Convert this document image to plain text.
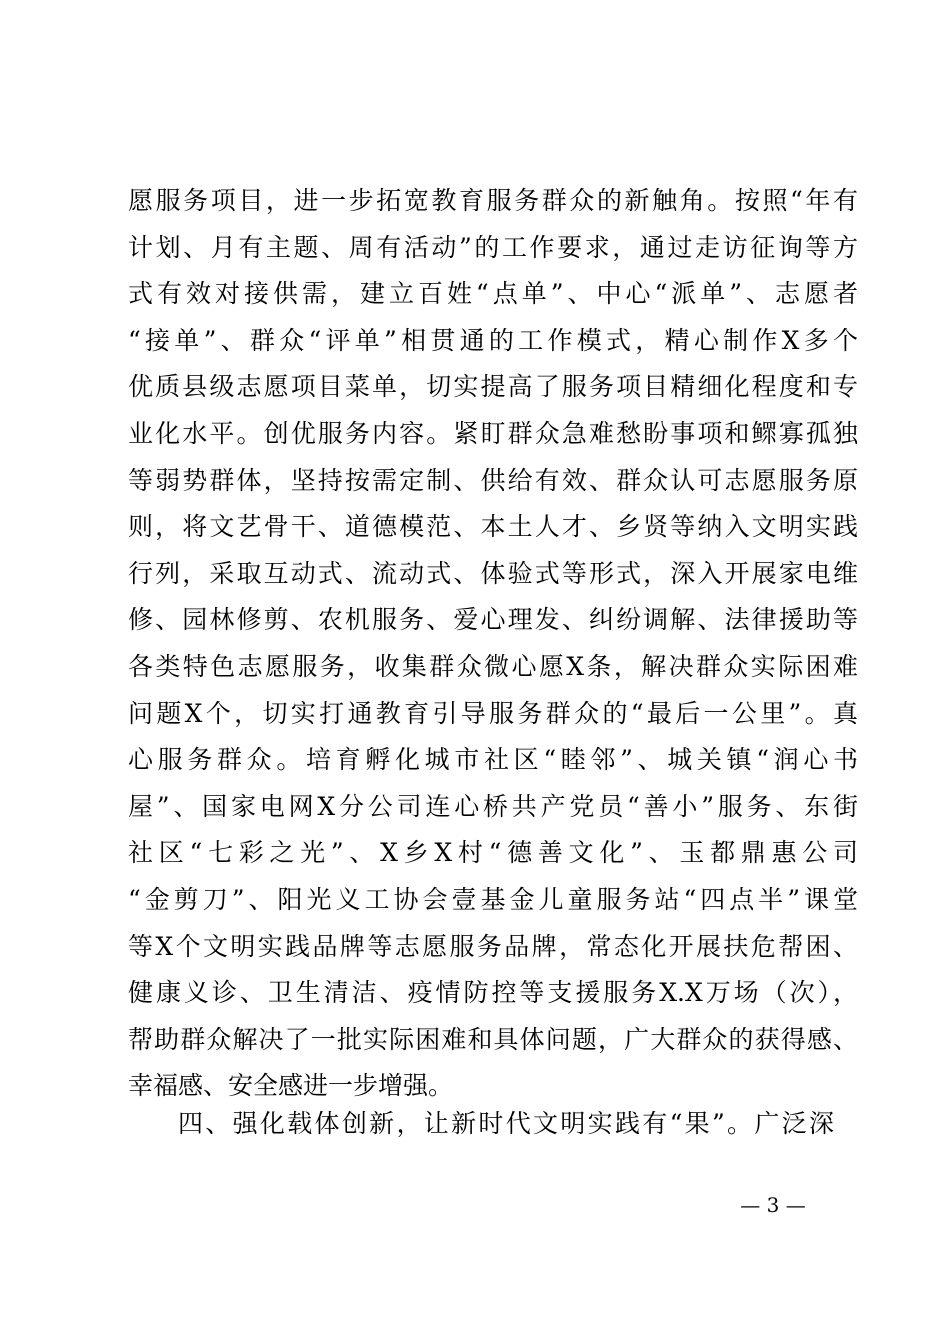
愿服务项目，进一步拓宽教育服务群众的新触角。按照“年有
计划、月有主题、周有活动”的工作要求，通过走访征询等方
式有效对接供需，建立百姓“点单”、中心“派单”、志愿者
“接单”、群众“评单”相贯通的工作模式，精心制作X多个
优质县级志愿项目菜单，切实提高了服务项目精细化程度和专
业化水平。创优服务内容。紧盯群众急难愁盼事项和鳏寡孤独
等弱势群体，坚持按需定制、供给有效、群众认可志愿服务原
则，将文艺骨干、道德模范、本土人才、乡贤等纳入文明实践
行列，采取互动式、流动式、体验式等形式，深入开展家电维
修、园林修剪、农机服务、爱心理发、纠纷调解、法律援助等
各类特色志愿服务，收集群众微心愿X条，解决群众实际困难
问题X个，切实打通教育引导服务群众的“最后一公里”。真
心服务群众。培育孵化城市社区“睦邻”、城关镇“润心书
屋”、国家电网X分公司连心桥共产党员“善小”服务、东街
社区“七彩之光”、X乡X村“德善文化”、玉都鼎惠公司
“金剪刀”、阳光义工协会壹基金儿童服务站“四点半”课堂
等X个文明实践品牌等志愿服务品牌，常态化开展扶危帮困、
健康义诊、卫生清洁、疫情防控等支援服务X.X万场（次），
帮助群众解决了一批实际困难和具体问题，广大群众的获得感、
幸福感、安全感进一步增强。
四、强化载体创新，让新时代文明实践有“果”。广泛深
— 3 —
